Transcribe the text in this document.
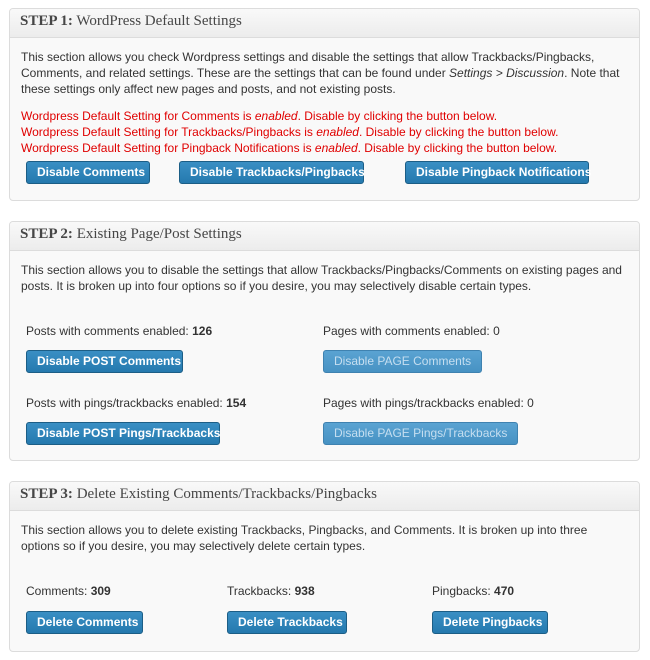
STEP 1: WordPress Default Settings
This section allows you check Wordpress settings and disable the settings that allow Trackbacks/Pingbacks, Comments, and related settings. These are the settings that can be found under Settings > Discussion. Note that these settings only affect new pages and posts, and not existing posts.
Wordpress Default Setting for Comments is enabled. Disable by clicking the button below.
Wordpress Default Setting for Trackbacks/Pingbacks is enabled. Disable by clicking the button below.
Wordpress Default Setting for Pingback Notifications is enabled. Disable by clicking the button below.
Disable Comments	Disable Trackbacks/Pingbacks	Disable Pingback Notifications
STEP 2: Existing Page/Post Settings
This section allows you to disable the settings that allow Trackbacks/Pingbacks/Comments on existing pages and posts. It is broken up into four options so if you desire, you may selectively disable certain types.
Posts with comments enabled: 126	Pages with comments enabled: 0
Disable POST Comments	Disable PAGE Comments
Posts with pings/trackbacks enabled: 154	Pages with pings/trackbacks enabled: 0
Disable POST Pings/Trackbacks	Disable PAGE Pings/Trackbacks
STEP 3: Delete Existing Comments/Trackbacks/Pingbacks
This section allows you to delete existing Trackbacks, Pingbacks, and Comments. It is broken up into three options so if you desire, you may selectively delete certain types.
Comments: 309	Trackbacks: 938	Pingbacks: 470
Delete Comments	Delete Trackbacks	Delete Pingbacks
